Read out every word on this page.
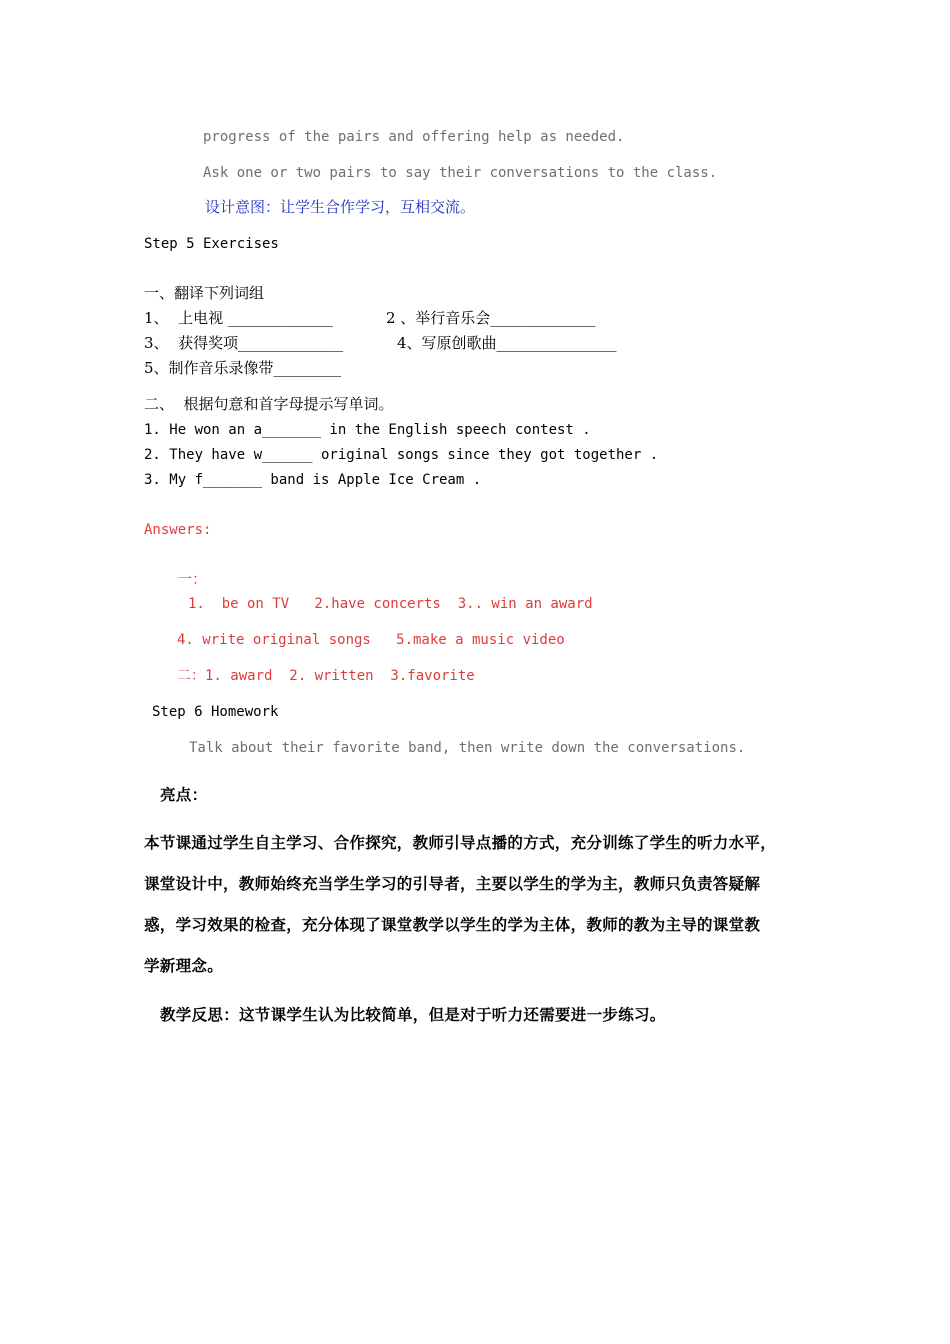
progress of the pairs and offering help as needed.
Ask one or two pairs to say their conversations to the class.
设计意图：让学生合作学习，互相交流。
Step 5 Exercises
一、翻译下列词组
1、  上电视 ______________	2 、举行音乐会______________
3、  获得奖项______________	4、写原创歌曲________________
5、制作音乐录像带_________
二、  根据句意和首字母提示写单词。
1. He won an a_______ in the English speech contest .
2. They have w______ original songs since they got together .
3. My f_______ band is Apple Ice Cream .
Answers:
一：
1.  be on TV   2.have concerts  3.. win an award
4. write original songs   5.make a music video
二：1. award  2. written  3.favorite
Step 6 Homework
Talk about their favorite band, then write down the conversations.
亮点：
本节课通过学生自主学习、合作探究，教师引导点播的方式，充分训练了学生的听力水平，
课堂设计中，教师始终充当学生学习的引导者，主要以学生的学为主，教师只负责答疑解
惑，学习效果的检查，充分体现了课堂教学以学生的学为主体，教师的教为主导的课堂教
学新理念。
教学反思：这节课学生认为比较简单，但是对于听力还需要进一步练习。
